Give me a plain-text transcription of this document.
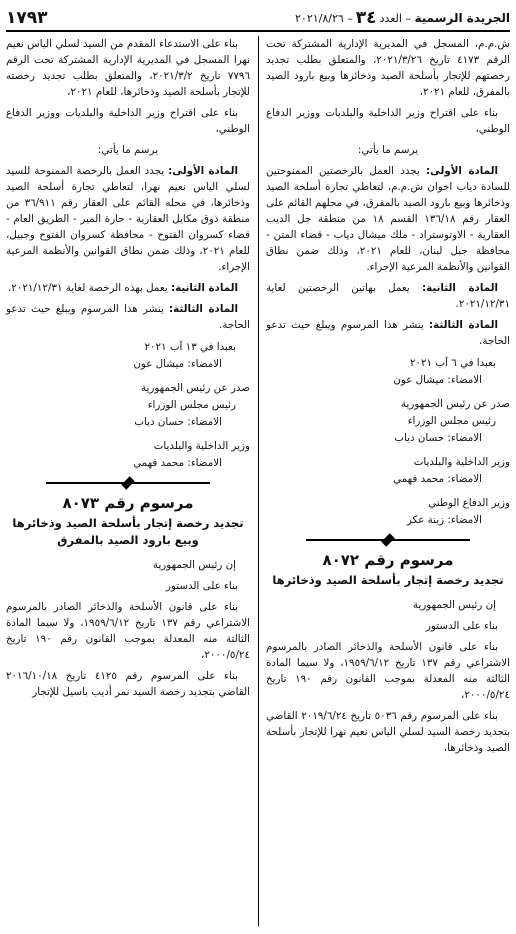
الجريدة الرسمية
–
العدد
٣٤
–
٢٠٢١/٨/٢٦
١٧٩٣

ش.م.م، المسجل في المديرية الإدارية المشتركة تحت الرقم ٤١٧٣ تاريخ ٢٠٢١/٣/٢٦، والمتعلق بطلب تجديد رخصتهم للإتجار بأسلحة الصيد وذخائرها وبيع بارود الصيد بالمفرق، للعام ٢٠٢١،

بناء على اقتراح وزير الداخلية والبلديات ووزير الدفاع الوطني،

يرسم ما يأتي:

المادة الأولى: يجدد العمل بالرخصتين الممنوحتين للسادة دياب اخوان ش.م.م، لتعاطي تجارة أسلحة الصيد وذخائرها وبيع بارود الصيد بالمفرق، في محلهم القائم على العقار رقم ١٣٦/١٨ القسم ١٨ من منطقة جل الديب العقارية - الاوتوستراد - ملك ميشال دياب - قضاء المتن - محافظة جبل لبنان، للعام ٢٠٢١، وذلك ضمن نطاق القوانين والأنظمة المرعية الإجراء.

المادة الثانية: يعمل بهاتين الرخصتين لغاية ٢٠٢١/١٢/٣١.

المادة الثالثة: ينشر هذا المرسوم ويبلغ حيث تدعو الحاجة.

بعبدا في ٦ آب ٢٠٢١

الامضاء: ميشال عون

صدر عن رئيس الجمهورية

رئيس مجلس الوزراء

الامضاء: حسان دياب

وزير الداخلية والبلديات

الامضاء: محمد فهمي

وزير الدفاع الوطني

الامضاء: زينة عكر

مرسوم رقم ٨٠٧٢

تجديد رخصة إتجار بأسلحة الصيد وذخائرها

إن رئيس الجمهورية

بناء على الدستور

بناء على قانون الأسلحة والذخائر الصادر بالمرسوم الاشتراعي رقم ١٣٧ تاريخ ١٩٥٩/٦/١٢، ولا سيما المادة الثالثة منه المعدلة بموجب القانون رقم ١٩٠ تاريخ ٢٠٠٠/٥/٢٤،

بناء على المرسوم رقم ٥٠٣٦ تاريخ ٢٠١٩/٦/٢٤ القاضي بتجديد رخصة السيد لسلي الياس نعيم نهرا للإتجار بأسلحة الصيد وذخائرها،

بناء على الاستدعاء المقدم من السيد لسلي الياس نعيم نهرا المسجل في المديرية الإدارية المشتركة تحت الرقم ٧٧٩٦ تاريخ ٢٠٢١/٣/٢، والمتعلق بطلب تجديد رخصته للإتجار بأسلحة الصيد وذخائرها، للعام ٢٠٢١،

بناء على اقتراح وزير الداخلية والبلديات ووزير الدفاع الوطني،

يرسم ما يأتي:

المادة الأولى: يجدد العمل بالرخصة الممنوحة للسيد لسلي الياس نعيم نهرا، لتعاطي تجارة أسلحة الصيد وذخائرها، في محله القائم على العقار رقم ٣٦/٩١١ من منطقة ذوق مكايل العقارية - حارة المير - الطريق العام - قضاء كسروان الفتوح - محافظة كسروان الفتوح وجبيل، للعام ٢٠٢١، وذلك ضمن نطاق القوانين والأنظمة المرعية الإجراء.

المادة الثانية: يعمل بهذه الرخصة لغاية ٢٠٢١/١٢/٣١.

المادة الثالثة: ينشر هذا المرسوم ويبلغ حيث تدعو الحاجة.

بعبدا في ١٣ آب ٢٠٢١

الامضاء: ميشال عون

صدر عن رئيس الجمهورية

رئيس مجلس الوزراء

الامضاء: حسان دياب

وزير الداخلية والبلديات

الامضاء: محمد فهمي

مرسوم رقم ٨٠٧٣

تجديد رخصة إتجار بأسلحة الصيد وذخائرها وبيع بارود الصيد بالمفرق

إن رئيس الجمهورية

بناء على الدستور

بناء على قانون الأسلحة والذخائر الصادر بالمرسوم الاشتراعي رقم ١٣٧ تاريخ ١٩٥٩/٦/١٢، ولا سيما المادة الثالثة منه المعدلة بموجب القانون رقم ١٩٠ تاريخ ٢٠٠٠/٥/٢٤،

بناء على المرسوم رقم ٤١٢٥ تاريخ ٢٠١٦/١٠/١٨ القاضي بتجديد رخصة السيد نمر أديب باسيل للإتجار
